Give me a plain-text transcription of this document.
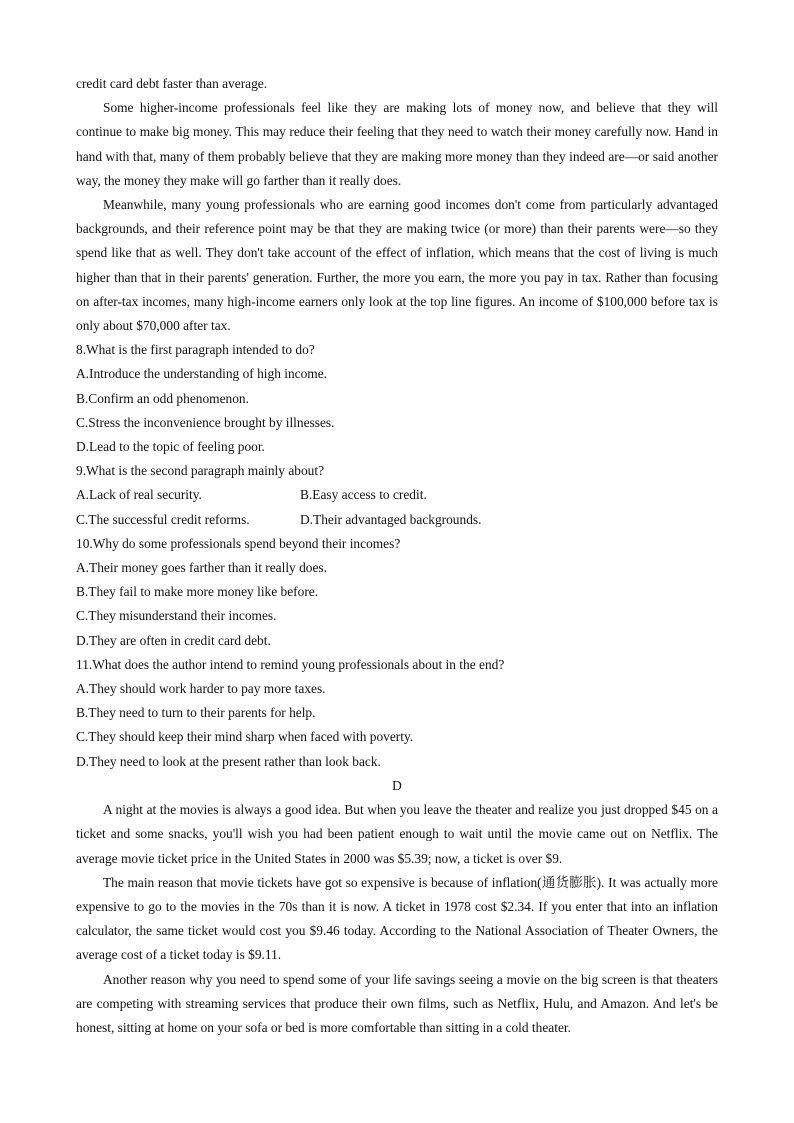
credit card debt faster than average.

Some higher-income professionals feel like they are making lots of money now, and believe that they will continue to make big money. This may reduce their feeling that they need to watch their money carefully now. Hand in hand with that, many of them probably believe that they are making more money than they indeed are—or said another way, the money they make will go farther than it really does.

Meanwhile, many young professionals who are earning good incomes don't come from particularly advantaged backgrounds, and their reference point may be that they are making twice (or more) than their parents were—so they spend like that as well. They don't take account of the effect of inflation, which means that the cost of living is much higher than that in their parents' generation. Further, the more you earn, the more you pay in tax. Rather than focusing on after-tax incomes, many high-income earners only look at the top line figures. An income of $100,000 before tax is only about $70,000 after tax.

8.What is the first paragraph intended to do?

A.Introduce the understanding of high income.

B.Confirm an odd phenomenon.

C.Stress the inconvenience brought by illnesses.

D.Lead to the topic of feeling poor.

9.What is the second paragraph mainly about?

A.Lack of real security.	B.Easy access to credit.
C.The successful credit reforms.	D.Their advantaged backgrounds.

10.Why do some professionals spend beyond their incomes?

A.Their money goes farther than it really does.

B.They fail to make more money like before.

C.They misunderstand their incomes.

D.They are often in credit card debt.

11.What does the author intend to remind young professionals about in the end?

A.They should work harder to pay more taxes.

B.They need to turn to their parents for help.

C.They should keep their mind sharp when faced with poverty.

D.They need to look at the present rather than look back.

D

A night at the movies is always a good idea. But when you leave the theater and realize you just dropped $45 on a ticket and some snacks, you'll wish you had been patient enough to wait until the movie came out on Netflix. The average movie ticket price in the United States in 2000 was $5.39; now, a ticket is over $9.

The main reason that movie tickets have got so expensive is because of inflation(通货膨胀). It was actually more expensive to go to the movies in the 70s than it is now. A ticket in 1978 cost $2.34. If you enter that into an inflation calculator, the same ticket would cost you $9.46 today. According to the National Association of Theater Owners, the average cost of a ticket today is $9.11.

Another reason why you need to spend some of your life savings seeing a movie on the big screen is that theaters are competing with streaming services that produce their own films, such as Netflix, Hulu, and Amazon. And let's be honest, sitting at home on your sofa or bed is more comfortable than sitting in a cold theater.
